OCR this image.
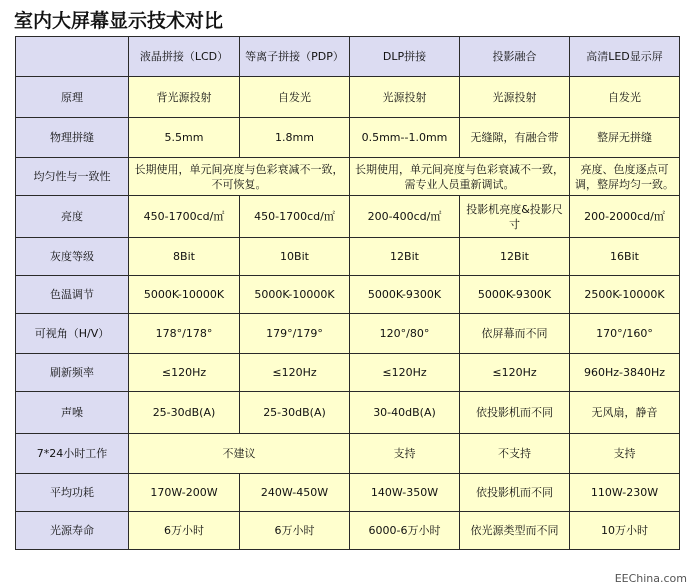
室内大屏幕显示技术对比
	液晶拼接（LCD）	等离子拼接（PDP）	DLP拼接	投影融合	高清LED显示屏
原理	背光源投射	自发光	光源投射	光源投射	自发光
物理拼缝	5.5mm	1.8mm	0.5mm--1.0mm	无缝隙，有融合带	整屏无拼缝
均匀性与一致性	长期使用，单元间亮度与色彩衰减不一致，不可恢复。		长期使用，单元间亮度与色彩衰减不一致，需专业人员重新调试。		亮度、色度逐点可调，整屏均匀一致。
亮度	450-1700cd/㎡	450-1700cd/㎡	200-400cd/㎡	投影机亮度&投影尺寸	200-2000cd/㎡
灰度等级	8Bit	10Bit	12Bit	12Bit	16Bit
色温调节	5000K-10000K	5000K-10000K	5000K-9300K	5000K-9300K	2500K-10000K
可视角（H/V）	178°/178°	179°/179°	120°/80°	依屏幕而不同	170°/160°
刷新频率	≤120Hz	≤120Hz	≤120Hz	≤120Hz	960Hz-3840Hz
声噪	25-30dB(A)	25-30dB(A)	30-40dB(A)	依投影机而不同	无风扇，静音
7*24小时工作	不建议		支持	不支持	支持
平均功耗	170W-200W	240W-450W	140W-350W	依投影机而不同	110W-230W
光源寿命	6万小时	6万小时	6000-6万小时	依光源类型而不同	10万小时
EEChina.com
